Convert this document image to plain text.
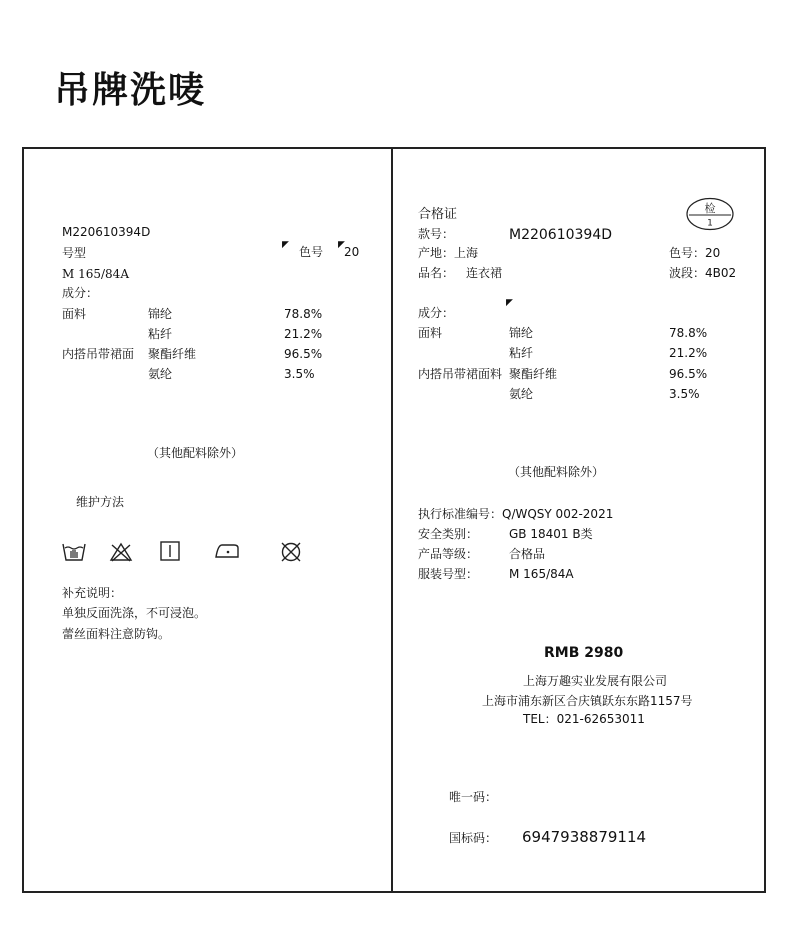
吊牌洗唛
M220610394D
号型
◤ 色号 ◤ 20
M 165/84A
成分：
面料	锦纶	78.8%
粘纤	21.2%
内搭吊带裙面 聚酯纤维	96.5%
氨纶	3.5%
（其他配料除外）
维护方法
补充说明：
单独反面洗涤，不可浸泡。
蕾丝面料注意防钩。
合格证	检
1
款号：	M220610394D
产地：上海	色号：20
品名： 连衣裙	波段：4B02
◤
成分：
面料	锦纶	78.8%
粘纤	21.2%
内搭吊带裙面料 聚酯纤维	96.5%
氨纶	3.5%
（其他配料除外）
执行标准编号：Q/WQSY 002-2021
安全类别：	GB 18401 B类
产品等级：	合格品
服装号型：	M 165/84A
RMB 2980
上海万趣实业发展有限公司
上海市浦东新区合庆镇跃东东路1157号
TEL：021-62653011
唯一码：
国标码： 6947938879114
